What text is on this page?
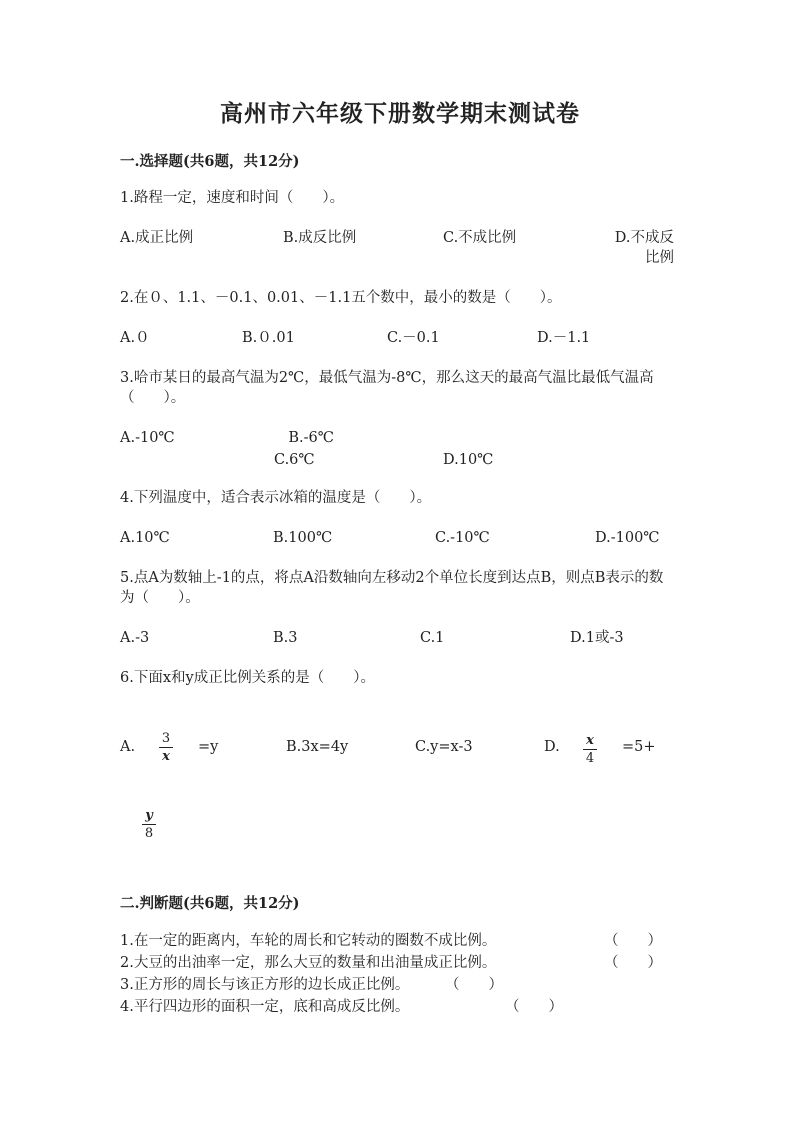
高州市六年级下册数学期末测试卷
一.选择题(共6题，共12分)
1.路程一定，速度和时间（　　）。
A.成正比例	B.成反比例	C.不成比例	D.不成反比例
2.在０、1.1、－0.1、0.01、－1.1五个数中，最小的数是（　　）。
A.０	B.０.01	C.－0.1	D.－1.1
3.哈市某日的最高气温为2℃，最低气温为-8℃，那么这天的最高气温比最低气温高（　　）。
A.-10℃	B.-6℃
C.6℃	D.10℃
4.下列温度中，适合表示冰箱的温度是（　　）。
A.10℃	B.100℃	C.-10℃	D.-100℃
5.点A为数轴上-1的点，将点A沿数轴向左移动2个单位长度到达点B，则点B表示的数为（　　）。
A.-3	B.3	C.1	D.1或-3
6.下面x和y成正比例关系的是（　　）。
A.
3
x
=y	B.3x=4y	C.y=x-3	D. x
4
=5+
y
8
二.判断题(共6题，共12分)
1.在一定的距离内，车轮的周长和它转动的圈数不成比例。	（　　）
2.大豆的出油率一定，那么大豆的数量和出油量成正比例。	（　　）
3.正方形的周长与该正方形的边长成正比例。 （　　）
4.平行四边形的面积一定，底和高成反比例。	（　　）
